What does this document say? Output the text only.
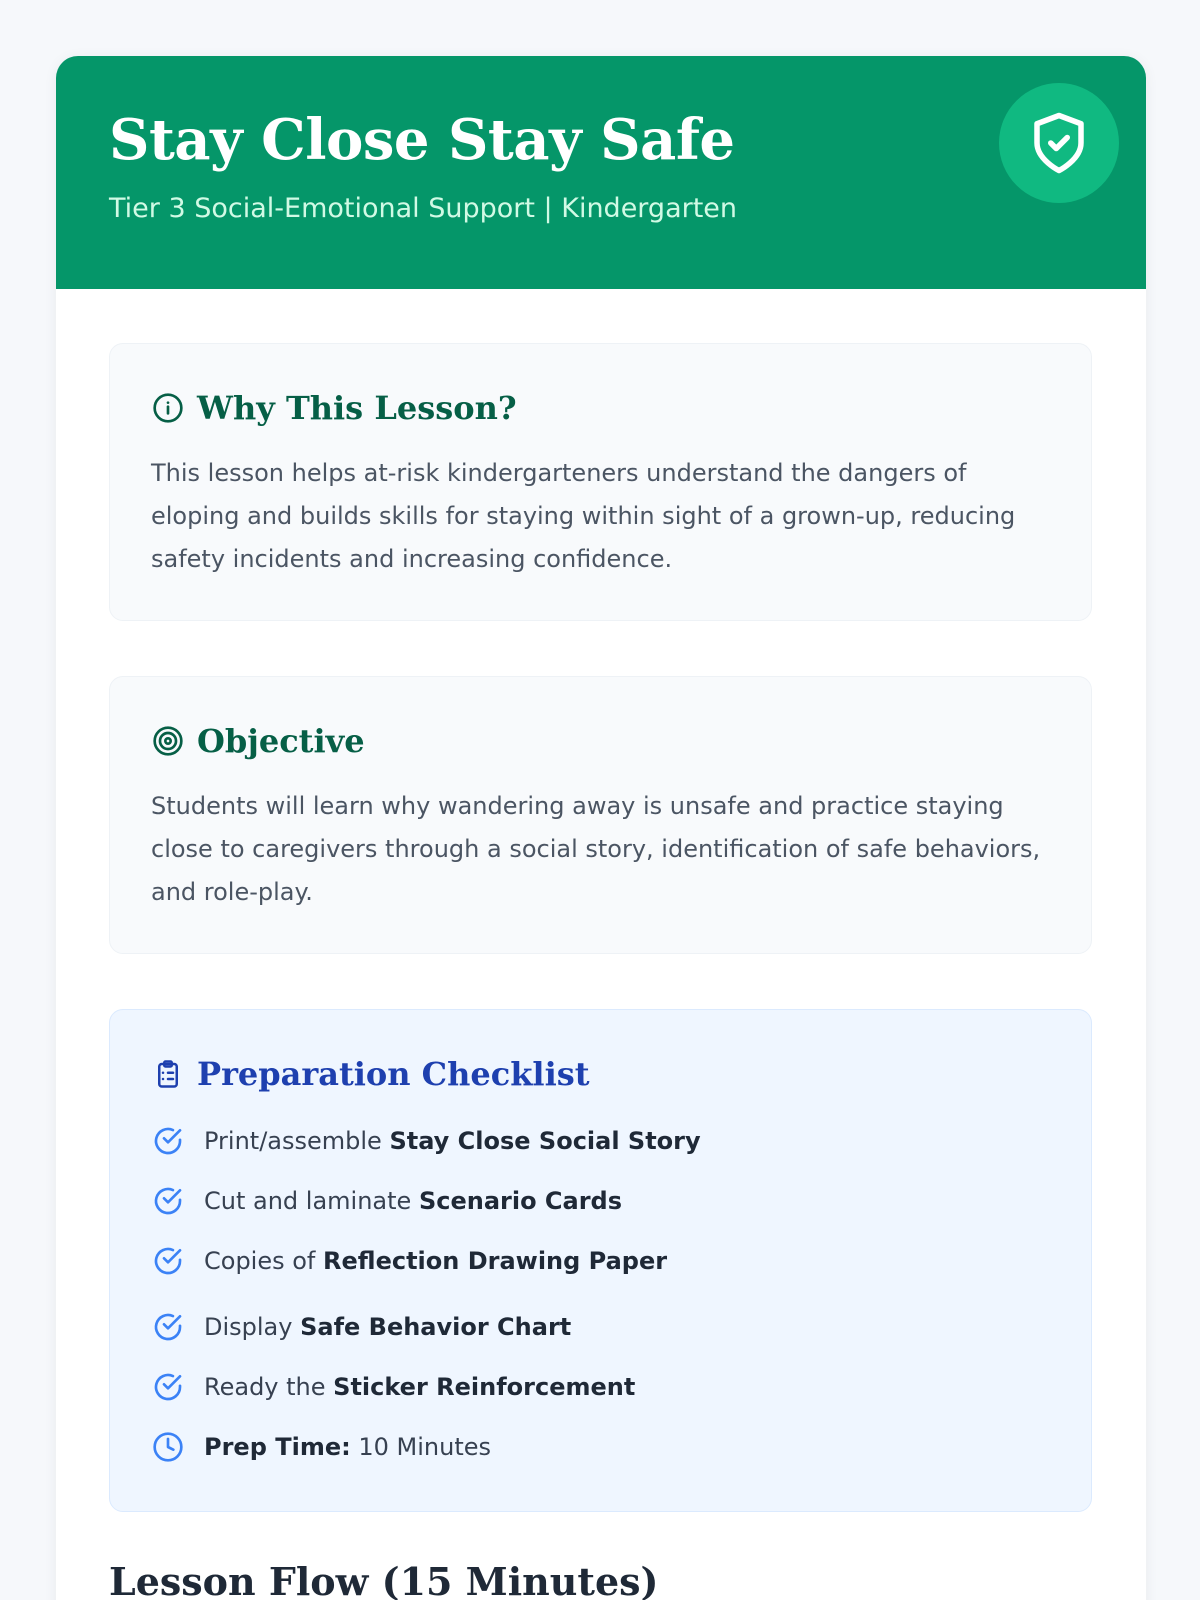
Stay Close Stay Safe

Tier 3 Social-Emotional Support | Kindergarten

Why This Lesson?

This lesson helps at-risk kindergarteners understand the dangers of eloping and builds skills for staying within sight of a grown-up, reducing safety incidents and increasing confidence.

Objective

Students will learn why wandering away is unsafe and practice staying close to caregivers through a social story, identification of safe behaviors, and role-play.

Preparation Checklist
Print/assemble Stay Close Social Story
Cut and laminate Scenario Cards
Copies of Reflection Drawing Paper
Display Safe Behavior Chart
Ready the Sticker Reinforcement
Prep Time: 10 Minutes
Lesson Flow (15 Minutes)
